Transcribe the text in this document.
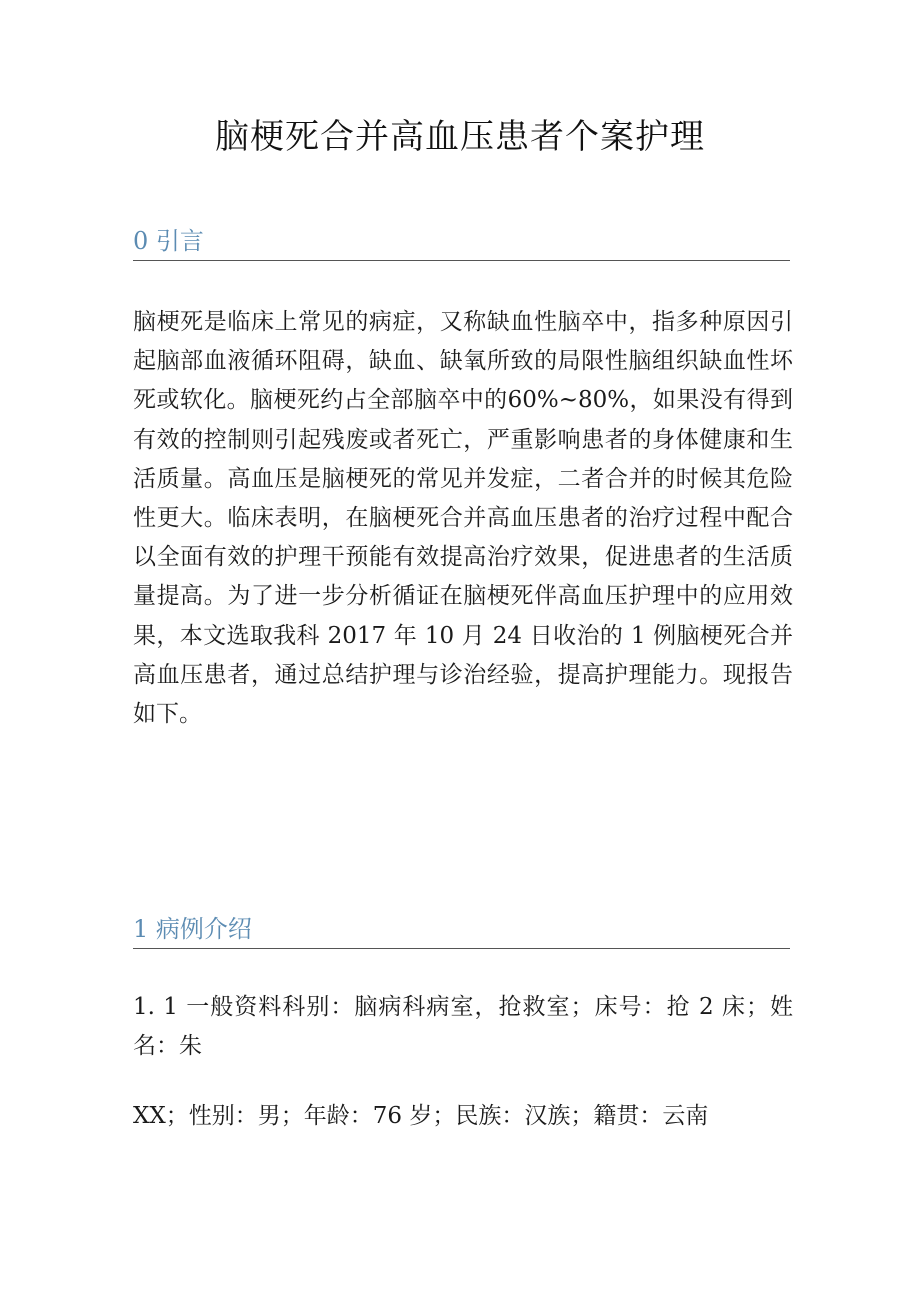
脑梗死合并高血压患者个案护理
0 引言

脑梗死是临床上常见的病症，又称缺血性脑卒中，指多种原因引起脑部血液循环阻碍，缺血、缺氧所致的局限性脑组织缺血性坏死或软化。脑梗死约占全部脑卒中的60%~80%，如果没有得到有效的控制则引起残废或者死亡，严重影响患者的身体健康和生活质量。高血压是脑梗死的常见并发症，二者合并的时候其危险性更大。临床表明，在脑梗死合并高血压患者的治疗过程中配合以全面有效的护理干预能有效提高治疗效果，促进患者的生活质量提高。为了进一步分析循证在脑梗死伴高血压护理中的应用效果，本文选取我科 2017 年 10 月 24 日收治的 1 例脑梗死合并高血压患者，通过总结护理与诊治经验，提高护理能力。现报告如下。

1 病例介绍

1. 1 一般资料科别：脑病科病室，抢救室；床号：抢 2 床；姓名：朱

XX；性别：男；年龄：76 岁；民族：汉族；籍贯：云南
